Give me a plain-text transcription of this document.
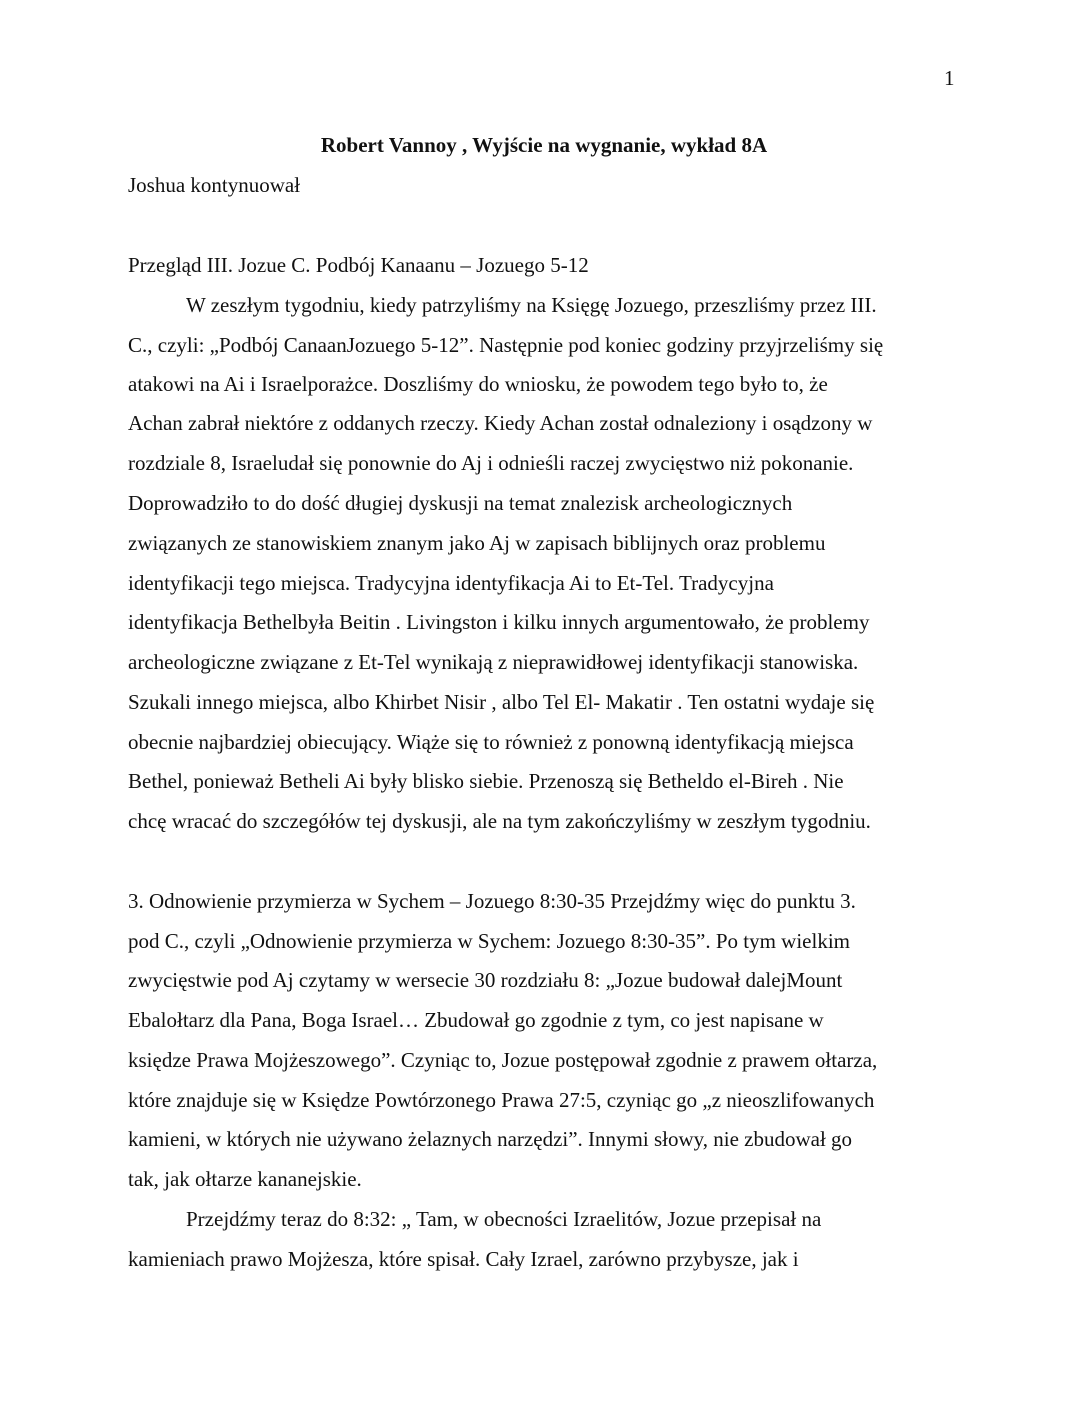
1
Robert Vannoy , Wyjście na wygnanie, wykład 8A
Joshua kontynuował
Przegląd III. Jozue C. Podbój Kanaanu – Jozuego 5-12
W zeszłym tygodniu, kiedy patrzyliśmy na Księgę Jozuego, przeszliśmy przez III.
C., czyli: „Podbój CanaanJozuego 5-12”. Następnie pod koniec godziny przyjrzeliśmy się
atakowi na Ai i Israelporażce. Doszliśmy do wniosku, że powodem tego było to, że
Achan zabrał niektóre z oddanych rzeczy. Kiedy Achan został odnaleziony i osądzony w
rozdziale 8, Israeludał się ponownie do Aj i odnieśli raczej zwycięstwo niż pokonanie.
Doprowadziło to do dość długiej dyskusji na temat znalezisk archeologicznych
związanych ze stanowiskiem znanym jako Aj w zapisach biblijnych oraz problemu
identyfikacji tego miejsca. Tradycyjna identyfikacja Ai to Et-Tel. Tradycyjna
identyfikacja Bethelbyła Beitin . Livingston i kilku innych argumentowało, że problemy
archeologiczne związane z Et-Tel wynikają z nieprawidłowej identyfikacji stanowiska.
Szukali innego miejsca, albo Khirbet Nisir , albo Tel El- Makatir . Ten ostatni wydaje się
obecnie najbardziej obiecujący. Wiąże się to również z ponowną identyfikacją miejsca
Bethel, ponieważ Betheli Ai były blisko siebie. Przenoszą się Betheldo el-Bireh . Nie
chcę wracać do szczegółów tej dyskusji, ale na tym zakończyliśmy w zeszłym tygodniu.
3. Odnowienie przymierza w Sychem – Jozuego 8:30-35 Przejdźmy więc do punktu 3.
pod C., czyli „Odnowienie przymierza w Sychem: Jozuego 8:30-35”. Po tym wielkim
zwycięstwie pod Aj czytamy w wersecie 30 rozdziału 8: „Jozue budował dalejMount
Ebalołtarz dla Pana, Boga Israel… Zbudował go zgodnie z tym, co jest napisane w
księdze Prawa Mojżeszowego”. Czyniąc to, Jozue postępował zgodnie z prawem ołtarza,
które znajduje się w Księdze Powtórzonego Prawa 27:5, czyniąc go „z nieoszlifowanych
kamieni, w których nie używano żelaznych narzędzi”. Innymi słowy, nie zbudował go
tak, jak ołtarze kananejskie.
Przejdźmy teraz do 8:32: „ Tam, w obecności Izraelitów, Jozue przepisał na
kamieniach prawo Mojżesza, które spisał. Cały Izrael, zarówno przybysze, jak i
